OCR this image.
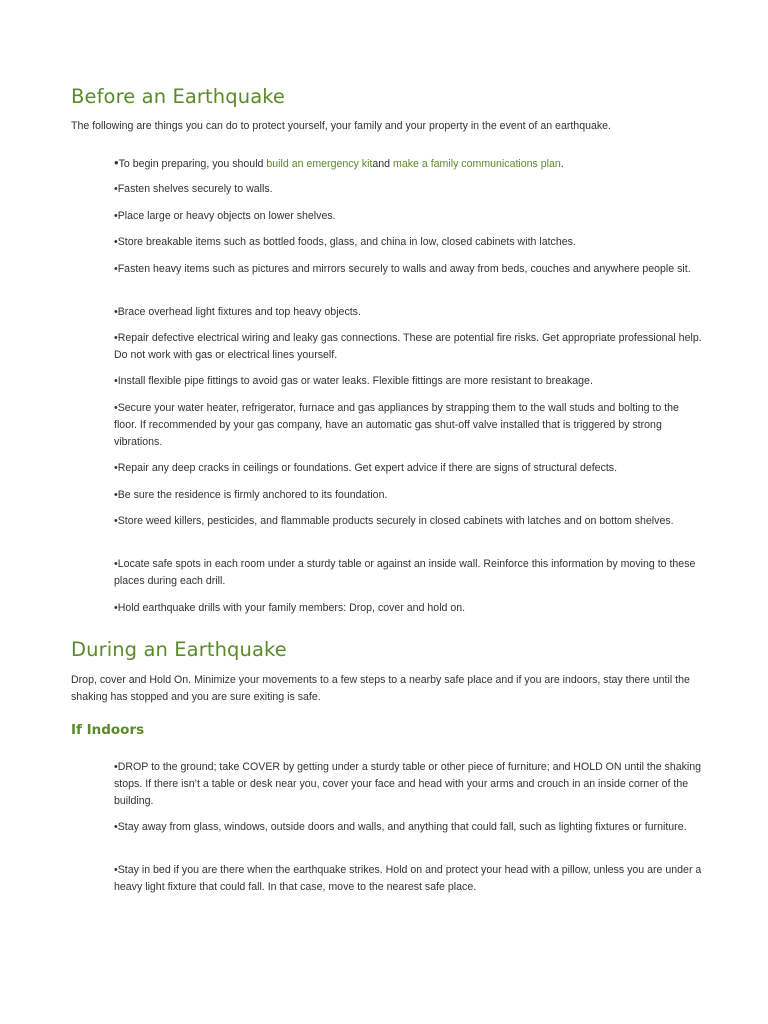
Before an Earthquake

The following are things you can do to protect yourself, your family and your property in the event of an earthquake.

•To begin preparing, you should build an emergency kitand make a family communications plan.

•Fasten shelves securely to walls.

•Place large or heavy objects on lower shelves.

•Store breakable items such as bottled foods, glass, and china in low, closed cabinets with latches.

•Fasten heavy items such as pictures and mirrors securely to walls and away from beds, couches and anywhere people sit.

•Brace overhead light fixtures and top heavy objects.

•Repair defective electrical wiring and leaky gas connections. These are potential fire risks. Get appropriate professional help. Do not work with gas or electrical lines yourself.

•Install flexible pipe fittings to avoid gas or water leaks. Flexible fittings are more resistant to breakage.

•Secure your water heater, refrigerator, furnace and gas appliances by strapping them to the wall studs and bolting to the floor. If recommended by your gas company, have an automatic gas shut-off valve installed that is triggered by strong vibrations.

•Repair any deep cracks in ceilings or foundations. Get expert advice if there are signs of structural defects.

•Be sure the residence is firmly anchored to its foundation.

•Store weed killers, pesticides, and flammable products securely in closed cabinets with latches and on bottom shelves.

•Locate safe spots in each room under a sturdy table or against an inside wall. Reinforce this information by moving to these places during each drill.

•Hold earthquake drills with your family members: Drop, cover and hold on.

During an Earthquake

Drop, cover and Hold On. Minimize your movements to a few steps to a nearby safe place and if you are indoors, stay there until the shaking has stopped and you are sure exiting is safe.

If Indoors

•DROP to the ground; take COVER by getting under a sturdy table or other piece of furniture; and HOLD ON until the shaking stops. If there isn’t a table or desk near you, cover your face and head with your arms and crouch in an inside corner of the building.

•Stay away from glass, windows, outside doors and walls, and anything that could fall, such as lighting fixtures or furniture.

•Stay in bed if you are there when the earthquake strikes. Hold on and protect your head with a pillow, unless you are under a heavy light fixture that could fall. In that case, move to the nearest safe place.
